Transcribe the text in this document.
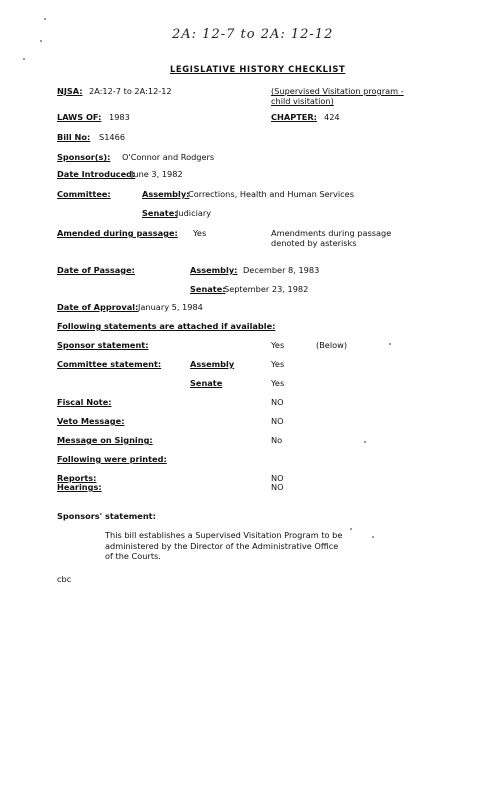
2A: 12-7 to 2A: 12-12
LEGISLATIVE HISTORY CHECKLIST
NJSA: 2A:12-7 to 2A:12-12	(Supervised Visitation program - child visitation)
LAWS OF: 1983	CHAPTER: 424
Bill No: S1466
Sponsor(s): O'Connor and Rodgers
Date Introduced:
June 3, 1982
Committee:	Assembly:
Corrections, Health and Human Services
Senate:
Judiciary
Amended during passage: Yes	Amendments during passage denoted by asterisks
Date of Passage:	Assembly: December 8, 1983
Senate:
September 23, 1982
Date of Approval: January 5, 1984
Following statements are attached if available:
Sponsor statement:	Yes	(Below)
Committee statement:	Assembly	Yes
Senate	Yes
Fiscal Note:	NO
Veto Message:	NO
Message on Signing:	No
Following were printed:
Reports:	NO
Hearings:	NO
Sponsors' statement:
This bill establishes a Supervised Visitation Program to be administered by the Director of the Administrative Office of the Courts.
cbc
